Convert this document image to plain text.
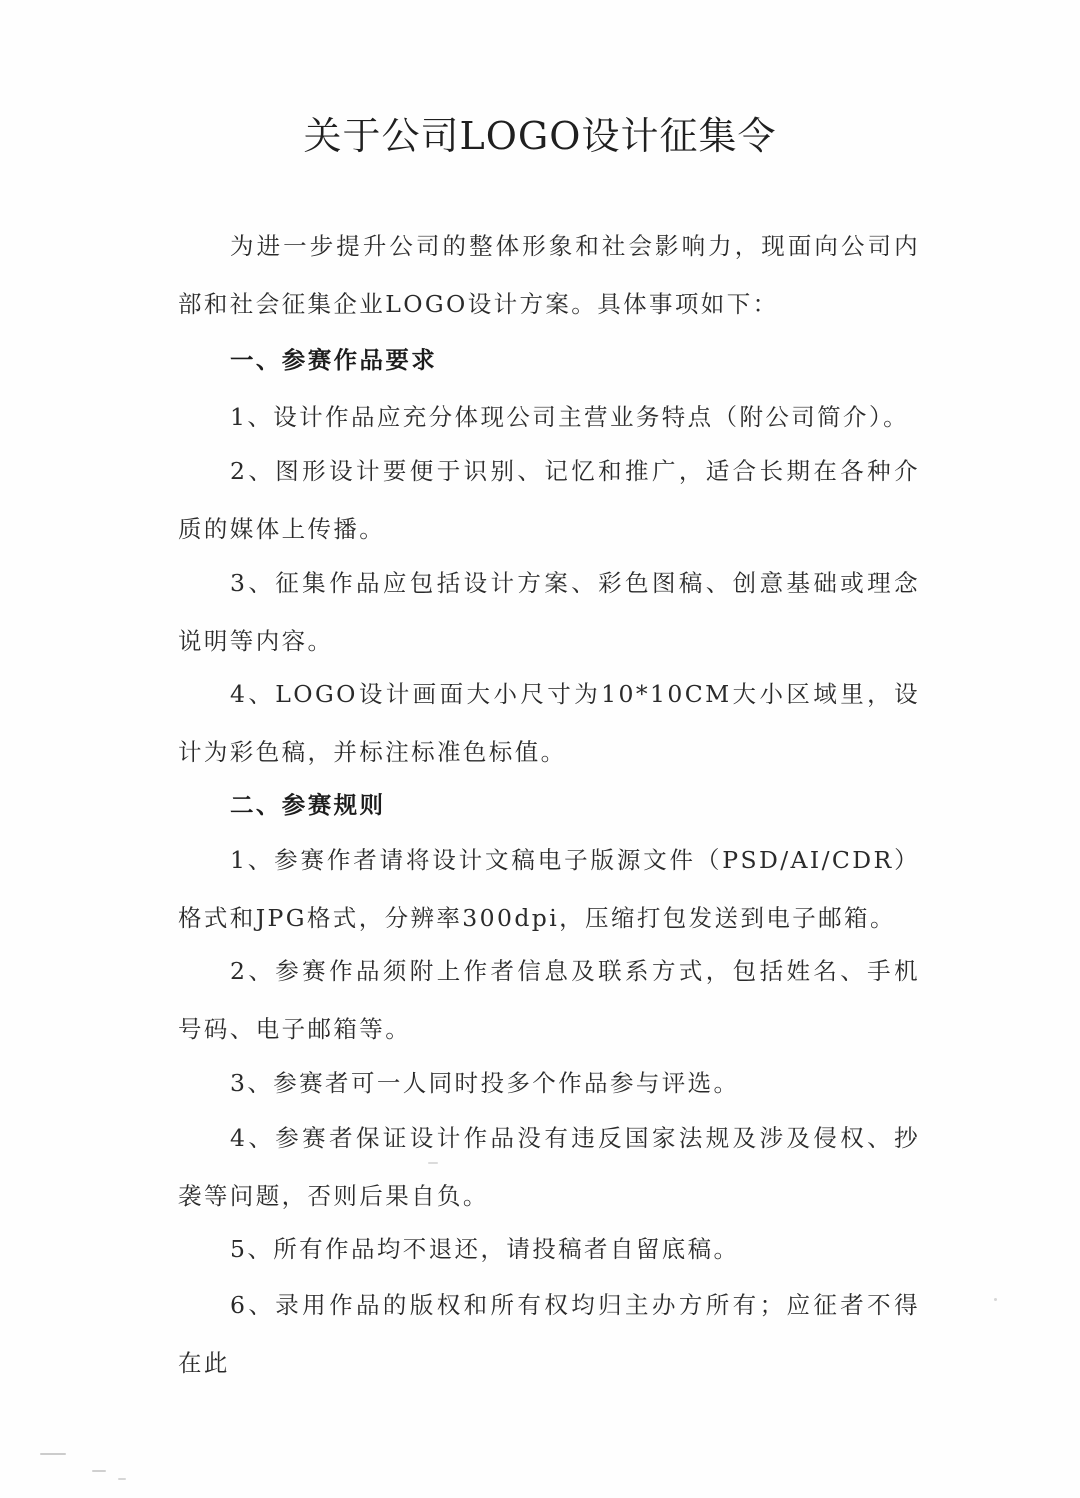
关于公司LOGO设计征集令

为进一步提升公司的整体形象和社会影响力，现面向公司内部和社会征集企业LOGO设计方案。具体事项如下：

一、参赛作品要求

1、设计作品应充分体现公司主营业务特点（附公司简介）。

2、图形设计要便于识别、记忆和推广，适合长期在各种介质的媒体上传播。

3、征集作品应包括设计方案、彩色图稿、创意基础或理念说明等内容。

4、LOGO设计画面大小尺寸为10*10CM大小区域里，设计为彩色稿，并标注标准色标值。

二、参赛规则

1、参赛作者请将设计文稿电子版源文件（PSD/AI/CDR）格式和JPG格式，分辨率300dpi，压缩打包发送到电子邮箱。

2、参赛作品须附上作者信息及联系方式，包括姓名、手机号码、电子邮箱等。

3、参赛者可一人同时投多个作品参与评选。

4、参赛者保证设计作品没有违反国家法规及涉及侵权、抄袭等问题，否则后果自负。

5、所有作品均不退还，请投稿者自留底稿。

6、录用作品的版权和所有权均归主办方所有；应征者不得在此
